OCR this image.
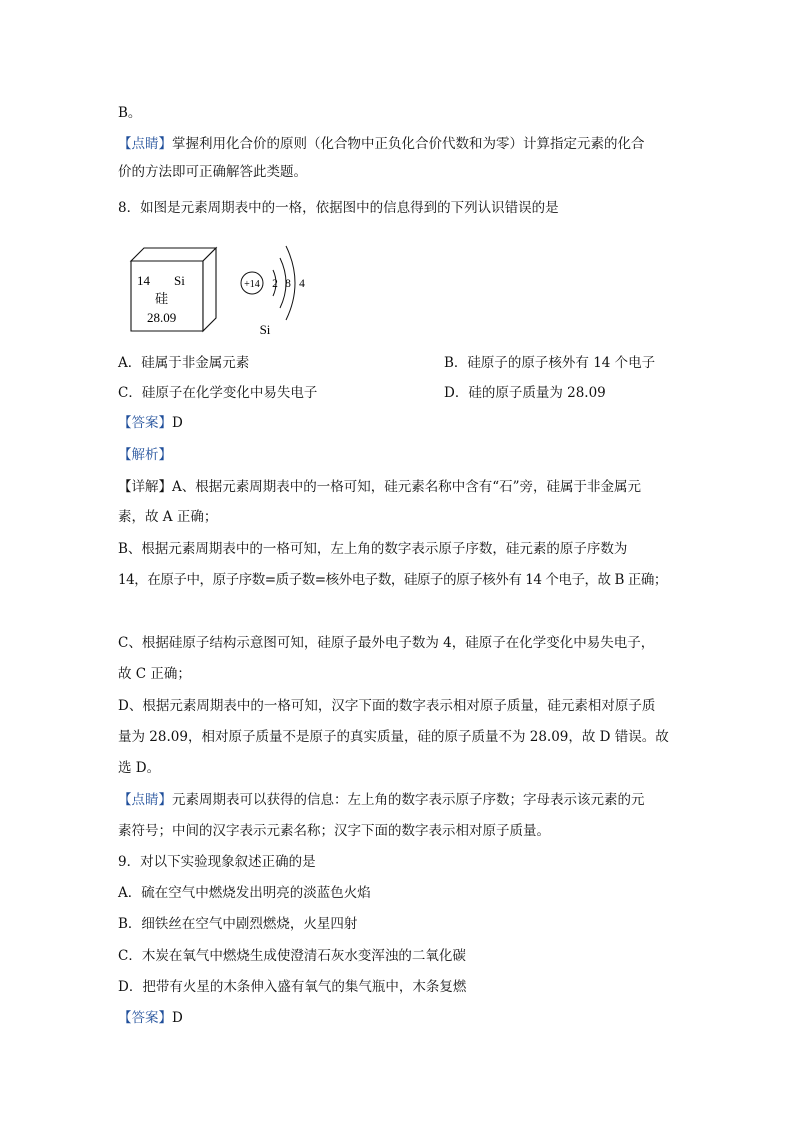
B。
【点睛】掌握利用化合价的原则（化合物中正负化合价代数和为零）计算指定元素的化合
价的方法即可正确解答此类题。
8．如图是元素周期表中的一格，依据图中的信息得到的下列认识错误的是
14 Si
硅
28.09
+14 2 8 4
Si
A．硅属于非金属元素	B．硅原子的原子核外有 14 个电子
C．硅原子在化学变化中易失电子	D．硅的原子质量为 28.09
【答案】D
【解析】
【详解】A、根据元素周期表中的一格可知，硅元素名称中含有“石”旁，硅属于非金属元
素，故 A 正确；
B、根据元素周期表中的一格可知，左上角的数字表示原子序数，硅元素的原子序数为
14，在原子中，原子序数=质子数=核外电子数，硅原子的原子核外有 14 个电子，故 B 正确；
C、根据硅原子结构示意图可知，硅原子最外电子数为 4，硅原子在化学变化中易失电子，
故 C 正确；
D、根据元素周期表中的一格可知，汉字下面的数字表示相对原子质量，硅元素相对原子质
量为 28.09，相对原子质量不是原子的真实质量，硅的原子质量不为 28.09，故 D 错误。故
选 D。
【点睛】元素周期表可以获得的信息：左上角的数字表示原子序数；字母表示该元素的元
素符号；中间的汉字表示元素名称；汉字下面的数字表示相对原子质量。
9．对以下实验现象叙述正确的是
A．硫在空气中燃烧发出明亮的淡蓝色火焰
B．细铁丝在空气中剧烈燃烧，火星四射
C．木炭在氧气中燃烧生成使澄清石灰水变浑浊的二氧化碳
D．把带有火星的木条伸入盛有氧气的集气瓶中，木条复燃
【答案】D
